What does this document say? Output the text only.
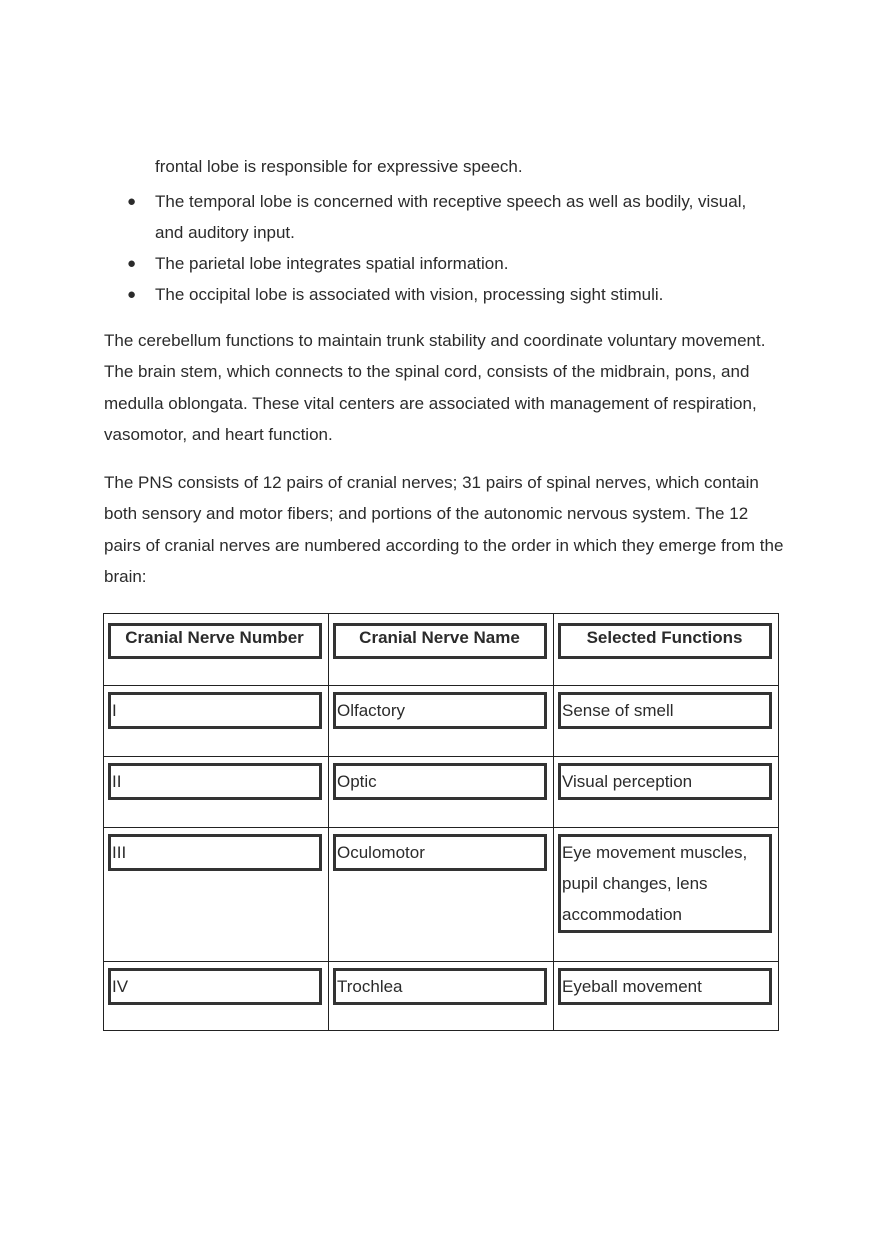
frontal lobe is responsible for expressive speech.

● The temporal lobe is concerned with receptive speech as well as bodily, visual,
and auditory input.
● The parietal lobe integrates spatial information.
● The occipital lobe is associated with vision, processing sight stimuli.

The cerebellum functions to maintain trunk stability and coordinate voluntary movement. The brain stem, which connects to the spinal cord, consists of the midbrain, pons, and medulla oblongata. These vital centers are associated with management of respiration, vasomotor, and heart function.

The PNS consists of 12 pairs of cranial nerves; 31 pairs of spinal nerves, which contain both sensory and motor fibers; and portions of the autonomic nervous system. The 12 pairs of cranial nerves are numbered according to the order in which they emerge from the brain:

Cranial Nerve Number	Cranial Nerve Name	Selected Functions

I	Olfactory	Sense of smell

II	Optic	Visual perception

III	Oculomotor	Eye movement muscles, pupil changes, lens accommodation

IV	Trochlea	Eyeball movement
